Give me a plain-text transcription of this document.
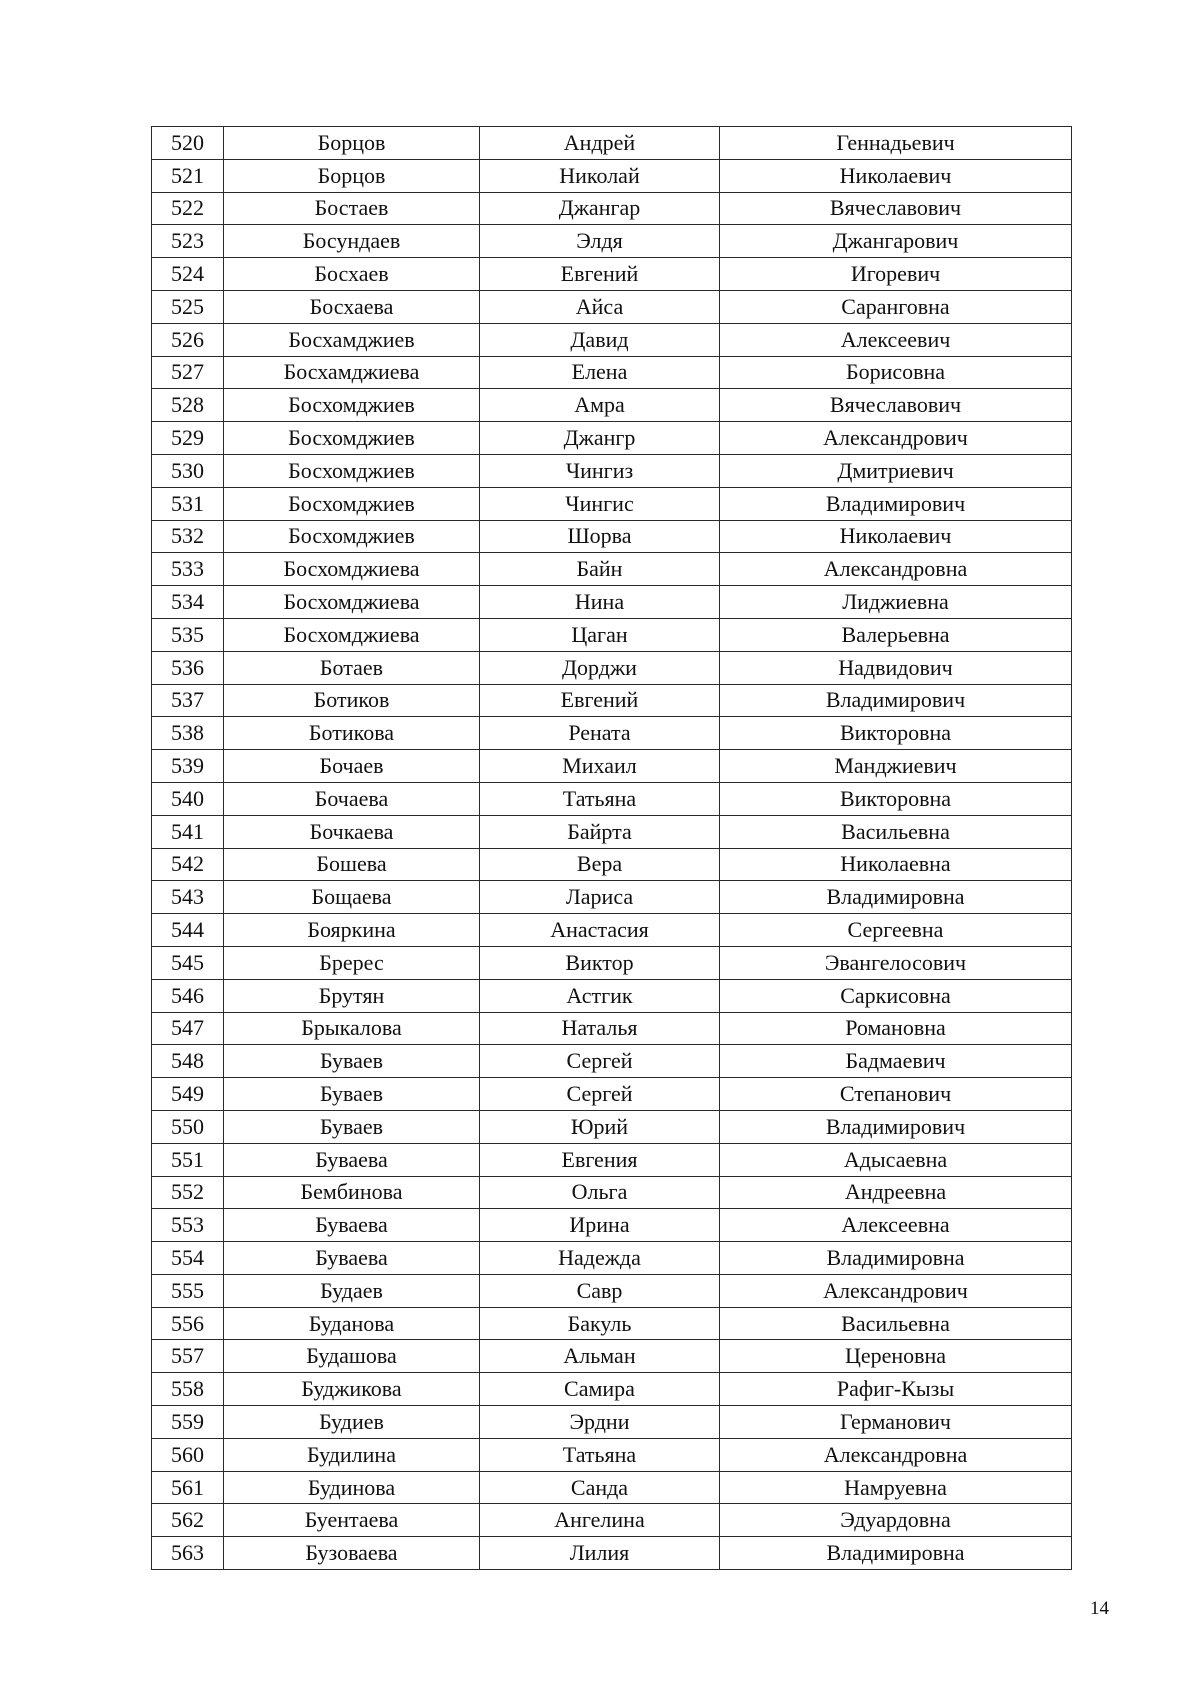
520	Борцов	Андрей	Геннадьевич
521	Борцов	Николай	Николаевич
522	Бостаев	Джангар	Вячеславович
523	Босундаев	Элдя	Джангарович
524	Босхаев	Евгений	Игоревич
525	Босхаева	Айса	Саранговна
526	Босхамджиев	Давид	Алексеевич
527	Босхамджиева	Елена	Борисовна
528	Босхомджиев	Амра	Вячеславович
529	Босхомджиев	Джангр	Александрович
530	Босхомджиев	Чингиз	Дмитриевич
531	Босхомджиев	Чингис	Владимирович
532	Босхомджиев	Шорва	Николаевич
533	Босхомджиева	Байн	Александровна
534	Босхомджиева	Нина	Лиджиевна
535	Босхомджиева	Цаган	Валерьевна
536	Ботаев	Дорджи	Надвидович
537	Ботиков	Евгений	Владимирович
538	Ботикова	Рената	Викторовна
539	Бочаев	Михаил	Манджиевич
540	Бочаева	Татьяна	Викторовна
541	Бочкаева	Байрта	Васильевна
542	Бошева	Вера	Николаевна
543	Бощаева	Лариса	Владимировна
544	Бояркина	Анастасия	Сергеевна
545	Бререс	Виктор	Эвангелосович
546	Брутян	Астгик	Саркисовна
547	Брыкалова	Наталья	Романовна
548	Буваев	Сергей	Бадмаевич
549	Буваев	Сергей	Степанович
550	Буваев	Юрий	Владимирович
551	Буваева	Евгения	Адысаевна
552	Бембинова	Ольга	Андреевна
553	Буваева	Ирина	Алексеевна
554	Буваева	Надежда	Владимировна
555	Будаев	Савр	Александрович
556	Буданова	Бакуль	Васильевна
557	Будашова	Альман	Цереновна
558	Буджикова	Самира	Рафиг-Кызы
559	Будиев	Эрдни	Германович
560	Будилина	Татьяна	Александровна
561	Будинова	Санда	Намруевна
562	Буентаева	Ангелина	Эдуардовна
563	Бузоваева	Лилия	Владимировна
14
